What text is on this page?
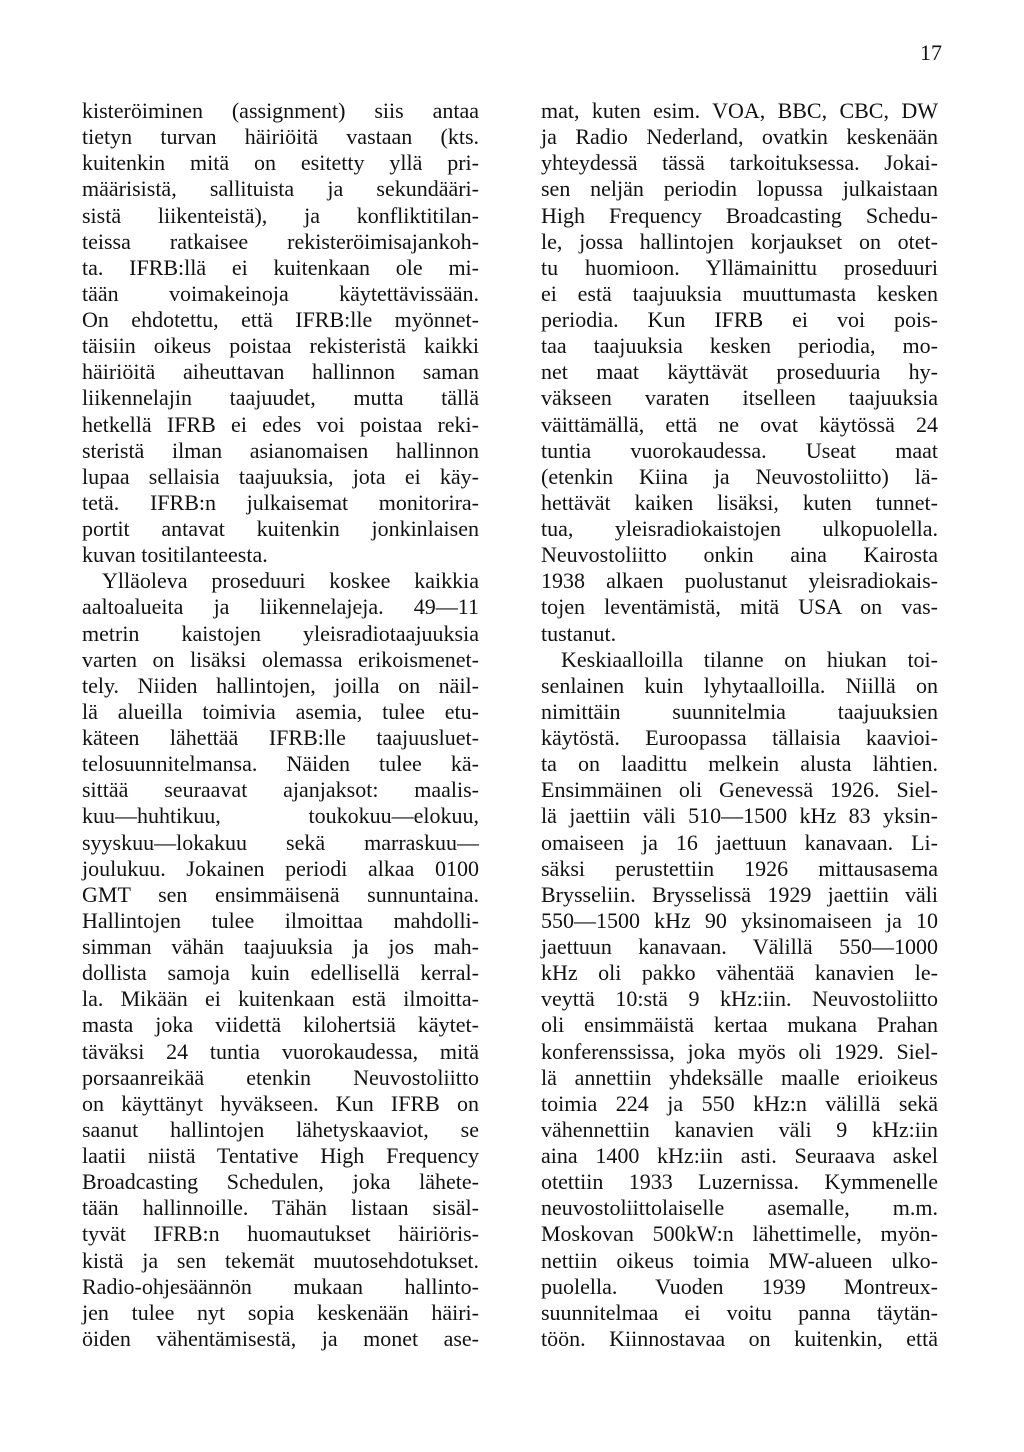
17
kisteröiminen (assignment) siis antaa
tietyn turvan häiriöitä vastaan (kts.
kuitenkin mitä on esitetty yllä pri-
määrisistä, sallituista ja sekundääri-
sistä liikenteistä), ja konfliktitilan-
teissa ratkaisee rekisteröimisajankoh-
ta. IFRB:llä ei kuitenkaan ole mi-
tään voimakeinoja käytettävissään.
On ehdotettu, että IFRB:lle myönnet-
täisiin oikeus poistaa rekisteristä kaikki
häiriöitä aiheuttavan hallinnon saman
liikennelajin taajuudet, mutta tällä
hetkellä IFRB ei edes voi poistaa reki-
steristä ilman asianomaisen hallinnon
lupaa sellaisia taajuuksia, jota ei käy-
tetä. IFRB:n julkaisemat monitorira-
portit antavat kuitenkin jonkinlaisen
kuvan tositilanteesta.
Ylläoleva proseduuri koskee kaikkia
aaltoalueita ja liikennelajeja. 49—11
metrin kaistojen yleisradiotaajuuksia
varten on lisäksi olemassa erikoismenet-
tely. Niiden hallintojen, joilla on näil-
lä alueilla toimivia asemia, tulee etu-
käteen lähettää IFRB:lle taajuusluet-
telosuunnitelmansa. Näiden tulee kä-
sittää seuraavat ajanjaksot: maalis-
kuu—huhtikuu, toukokuu—elokuu,
syyskuu—lokakuu sekä marraskuu—
joulukuu. Jokainen periodi alkaa 0100
GMT sen ensimmäisenä sunnuntaina.
Hallintojen tulee ilmoittaa mahdolli-
simman vähän taajuuksia ja jos mah-
dollista samoja kuin edellisellä kerral-
la. Mikään ei kuitenkaan estä ilmoitta-
masta joka viidettä kilohertsiä käytet-
täväksi 24 tuntia vuorokaudessa, mitä
porsaanreikää etenkin Neuvostoliitto
on käyttänyt hyväkseen. Kun IFRB on
saanut hallintojen lähetyskaaviot, se
laatii niistä Tentative High Frequency
Broadcasting Schedulen, joka lähete-
tään hallinnoille. Tähän listaan sisäl-
tyvät IFRB:n huomautukset häiriöris-
kistä ja sen tekemät muutosehdotukset.
Radio-ohjesäännön mukaan hallinto-
jen tulee nyt sopia keskenään häiri-
öiden vähentämisestä, ja monet ase-
mat, kuten esim. VOA, BBC, CBC, DW
ja Radio Nederland, ovatkin keskenään
yhteydessä tässä tarkoituksessa. Jokai-
sen neljän periodin lopussa julkaistaan
High Frequency Broadcasting Schedu-
le, jossa hallintojen korjaukset on otet-
tu huomioon. Yllämainittu proseduuri
ei estä taajuuksia muuttumasta kesken
periodia. Kun IFRB ei voi pois-
taa taajuuksia kesken periodia, mo-
net maat käyttävät proseduuria hy-
väkseen varaten itselleen taajuuksia
väittämällä, että ne ovat käytössä 24
tuntia vuorokaudessa. Useat maat
(etenkin Kiina ja Neuvostoliitto) lä-
hettävät kaiken lisäksi, kuten tunnet-
tua, yleisradiokaistojen ulkopuolella.
Neuvostoliitto onkin aina Kairosta
1938 alkaen puolustanut yleisradiokais-
tojen leventämistä, mitä USA on vas-
tustanut.
Keskiaalloilla tilanne on hiukan toi-
senlainen kuin lyhytaalloilla. Niillä on
nimittäin suunnitelmia taajuuksien
käytöstä. Euroopassa tällaisia kaavioi-
ta on laadittu melkein alusta lähtien.
Ensimmäinen oli Genevessä 1926. Siel-
lä jaettiin väli 510—1500 kHz 83 yksin-
omaiseen ja 16 jaettuun kanavaan. Li-
säksi perustettiin 1926 mittausasema
Brysseliin. Brysselissä 1929 jaettiin väli
550—1500 kHz 90 yksinomaiseen ja 10
jaettuun kanavaan. Välillä 550—1000
kHz oli pakko vähentää kanavien le-
veyttä 10:stä 9 kHz:iin. Neuvostoliitto
oli ensimmäistä kertaa mukana Prahan
konferenssissa, joka myös oli 1929. Siel-
lä annettiin yhdeksälle maalle erioikeus
toimia 224 ja 550 kHz:n välillä sekä
vähennettiin kanavien väli 9 kHz:iin
aina 1400 kHz:iin asti. Seuraava askel
otettiin 1933 Luzernissa. Kymmenelle
neuvostoliittolaiselle asemalle, m.m.
Moskovan 500kW:n lähettimelle, myön-
nettiin oikeus toimia MW-alueen ulko-
puolella. Vuoden 1939 Montreux-
suunnitelmaa ei voitu panna täytän-
töön. Kiinnostavaa on kuitenkin, että
